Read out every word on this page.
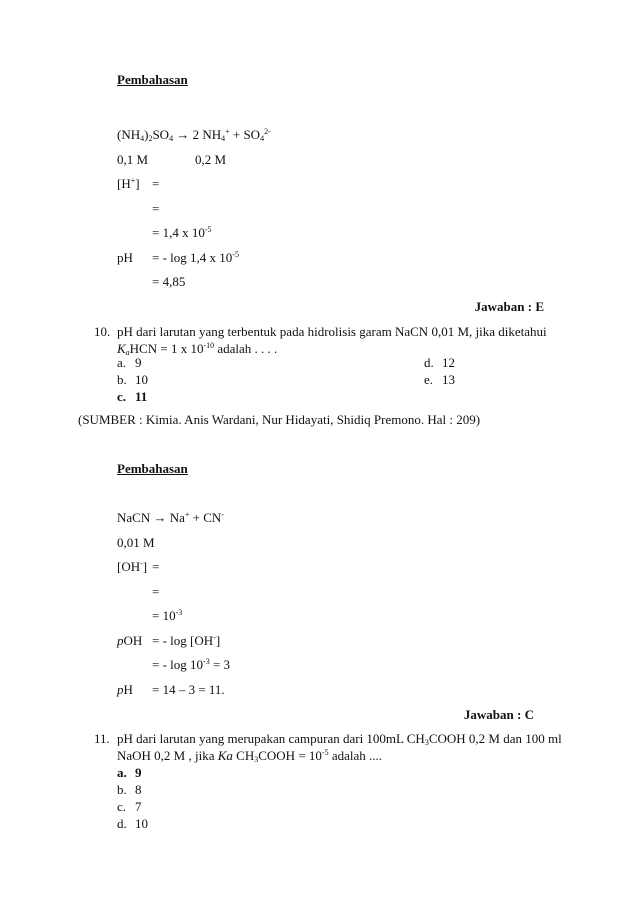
Pembahasan
$(NH_4)_2SO_4 \to 2$ $NH_4^+ + SO_4^{2-}$
0,1 M	0,2 M
[H+] =
=
= 1,4 x $10^{-5}$
pH = - log 1,4 x $10^{-5}$
= 4,85
Jawaban : E
10. pH dari larutan yang terbentuk pada hidrolisis garam NaCN 0,01 M, jika diketahui
$K_aHCN = 1$ x $10^{-10}$ adalah . . . .
a. 9
b. 10
c. 11
d. 12
e. 13
(SUMBER : Kimia. Anis Wardani, Nur Hidayati, Shidiq Premono. Hal : 209)
Pembahasan
NaCN → Na+ + CN-
0,01 M
[OH-] =
=
= $10^{-3}$
pOH = - log [OH-]
= - $\log 10^{-3} = 3$
pH = 14 – 3 = 11.
Jawaban : C
11. pH dari larutan yang merupakan campuran dari 100mL $CH_3COOH$ 0,2 M dan 100 ml
NaOH 0,2 M , jika Ka $CH_3COOH = 10^{-5}$ adalah ....
a. 9
b. 8
c. 7
d. 10
